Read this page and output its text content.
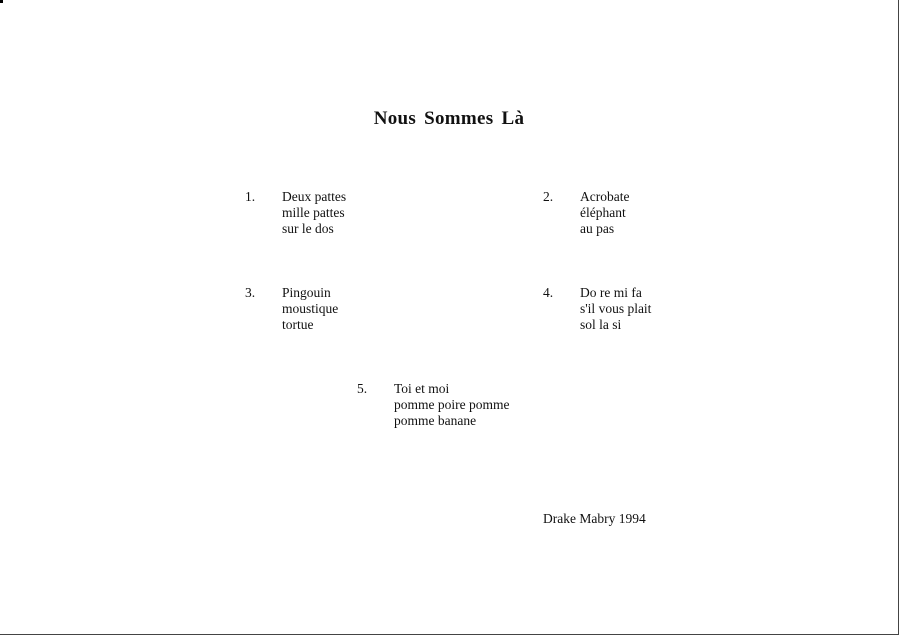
Nous Sommes Là
1. Deux pattes
mille pattes
sur le dos
2. Acrobate
éléphant
au pas
3. Pingouin
moustique
tortue
4. Do re mi fa
s'il vous plait
sol la si
5. Toi et moi
pomme poire pomme
pomme banane
Drake Mabry 1994
